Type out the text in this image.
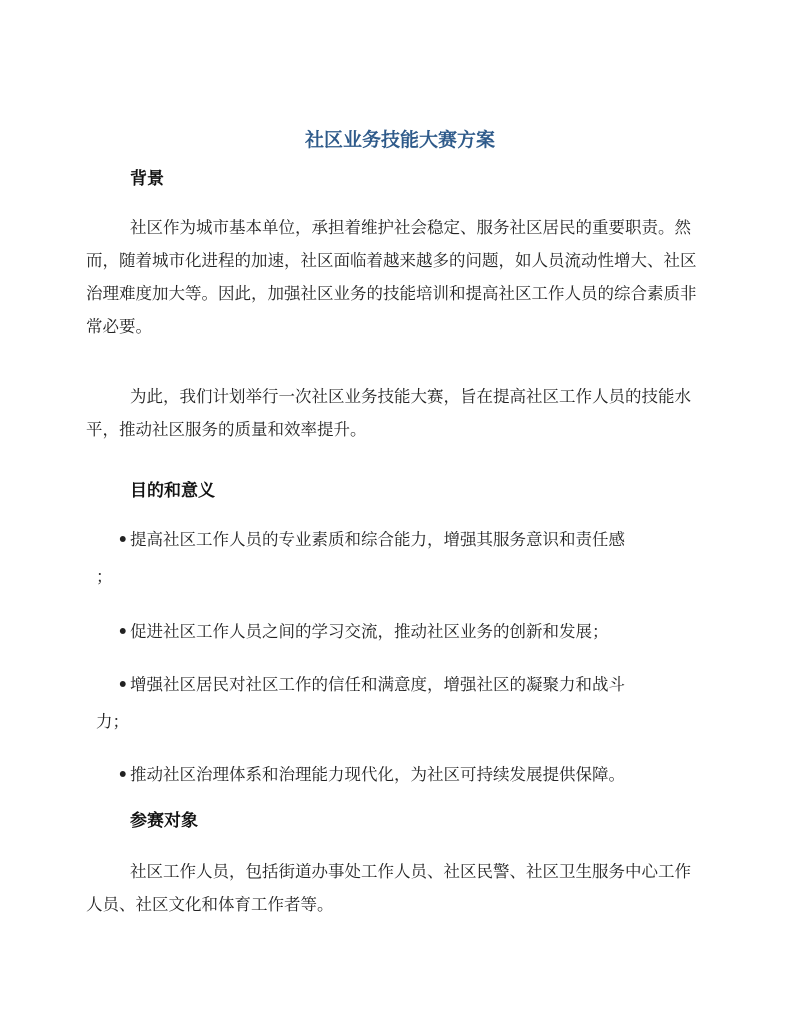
社区业务技能大赛方案
背景

社区作为城市基本单位，承担着维护社会稳定、服务社区居民的重要职责。然而，随着城市化进程的加速，社区面临着越来越多的问题，如人员流动性增大、社区治理难度加大等。因此，加强社区业务的技能培训和提高社区工作人员的综合素质非常必要。

为此，我们计划举行一次社区业务技能大赛，旨在提高社区工作人员的技能水平，推动社区服务的质量和效率提升。

目的和意义
• 提高社区工作人员的专业素质和综合能力，增强其服务意识和责任感
；
• 促进社区工作人员之间的学习交流，推动社区业务的创新和发展；
• 增强社区居民对社区工作的信任和满意度，增强社区的凝聚力和战斗
力；
• 推动社区治理体系和治理能力现代化，为社区可持续发展提供保障。
参赛对象

社区工作人员，包括街道办事处工作人员、社区民警、社区卫生服务中心工作人员、社区文化和体育工作者等。
